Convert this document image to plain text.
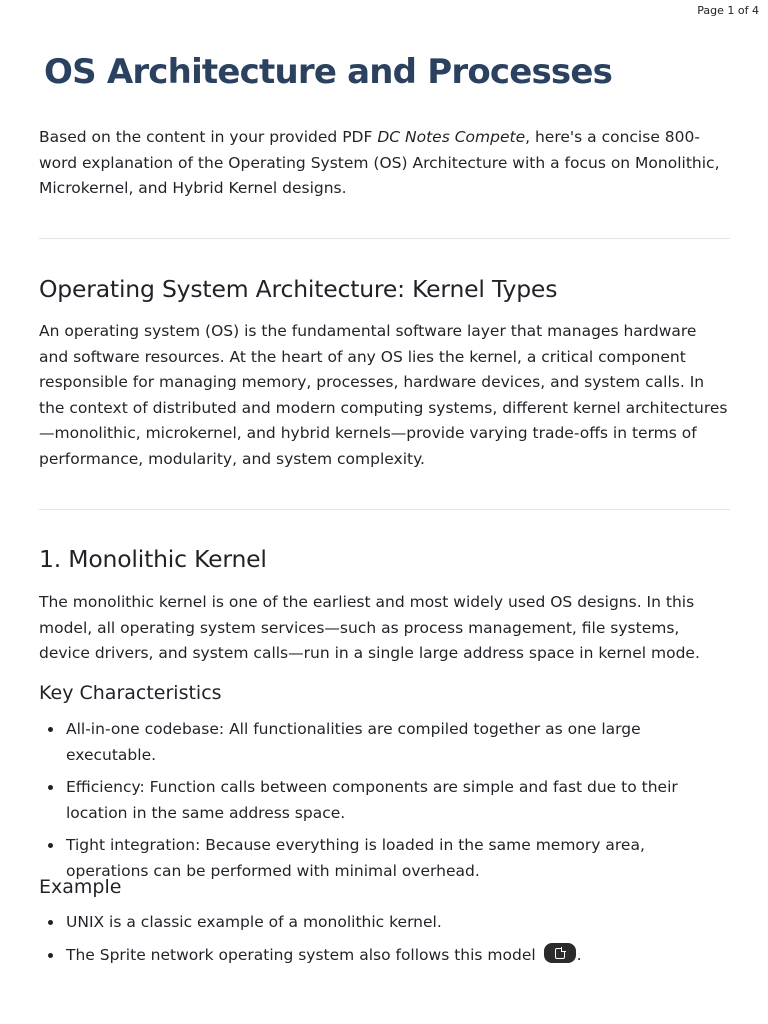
Page 1 of 4
OS Architecture and Processes

Based on the content in your provided PDF DC Notes Compete, here's a concise 800-word explanation of the Operating System (OS) Architecture with a focus on Monolithic, Microkernel, and Hybrid Kernel designs.

Operating System Architecture: Kernel Types

An operating system (OS) is the fundamental software layer that manages hardware and software resources. At the heart of any OS lies the kernel, a critical component responsible for managing memory, processes, hardware devices, and system calls. In the context of distributed and modern computing systems, different kernel architectures—monolithic, microkernel, and hybrid kernels—provide varying trade-offs in terms of performance, modularity, and system complexity.

1. Monolithic Kernel

The monolithic kernel is one of the earliest and most widely used OS designs. In this model, all operating system services—such as process management, file systems, device drivers, and system calls—run in a single large address space in kernel mode.

Key Characteristics
All-in-one codebase: All functionalities are compiled together as one large executable.
Efficiency: Function calls between components are simple and fast due to their location in the same address space.
Tight integration: Because everything is loaded in the same memory area, operations can be performed with minimal overhead.
Example
UNIX is a classic example of a monolithic kernel.
The Sprite network operating system also follows this model	.
